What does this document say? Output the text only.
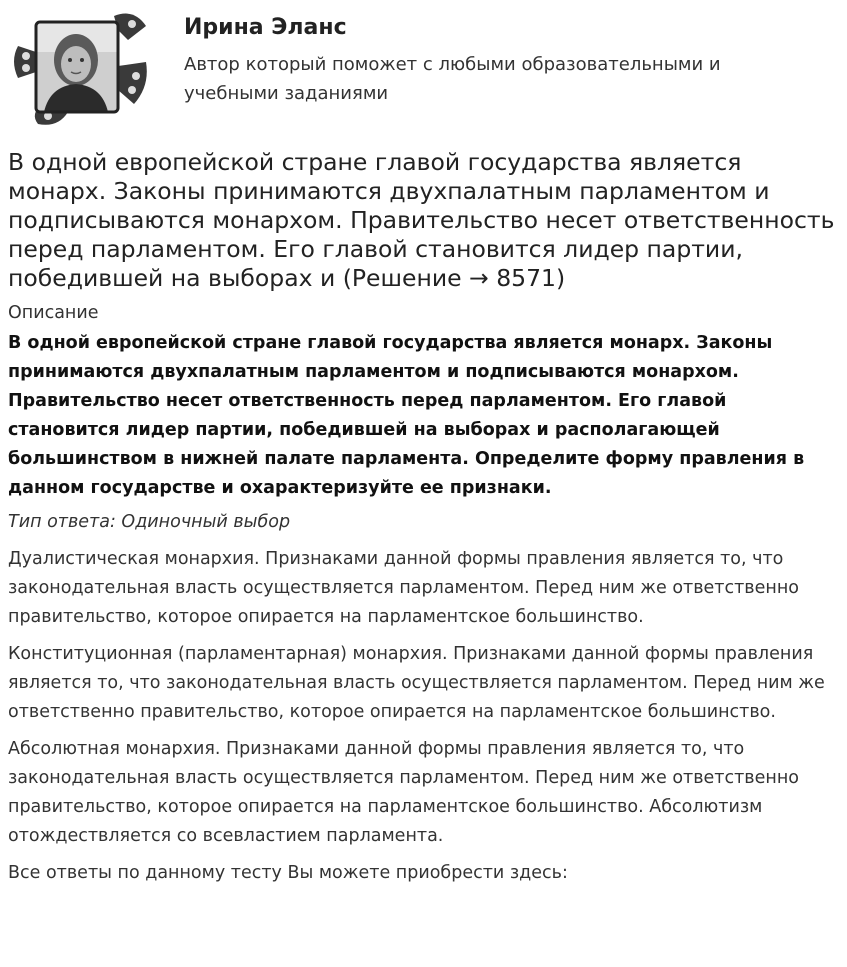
Ирина Эланс

Автор который поможет с любыми образовательными и учебными заданиями

В одной европейской стране главой государства является монарх. Законы принимаются двухпалатным парламентом и подписываются монархом. Правительство несет ответственность перед парламентом. Его главой становится лидер партии, победившей на выборах и (Решение → 8571)
Описание
В одной европейской стране главой государства является монарх. Законы принимаются двухпалатным парламентом и подписываются монархом. Правительство несет ответственность перед парламентом. Его главой становится лидер партии, победившей на выборах и располагающей большинством в нижней палате парламента. Определите форму правления в данном государстве и охарактеризуйте ее признаки.
Тип ответа: Одиночный выбор

Дуалистическая монархия. Признаками данной формы правления является то, что законодательная власть осуществляется парламентом. Перед ним же ответственно правительство, которое опирается на парламентское большинство.

Конституционная (парламентарная) монархия. Признаками данной формы правления является то, что законодательная власть осуществляется парламентом. Перед ним же ответственно правительство, которое опирается на парламентское большинство.

Абсолютная монархия. Признаками данной формы правления является то, что законодательная власть осуществляется парламентом. Перед ним же ответственно правительство, которое опирается на парламентское большинство. Абсолютизм отождествляется со всевластием парламента.

Все ответы по данному тесту Вы можете приобрести здесь:
